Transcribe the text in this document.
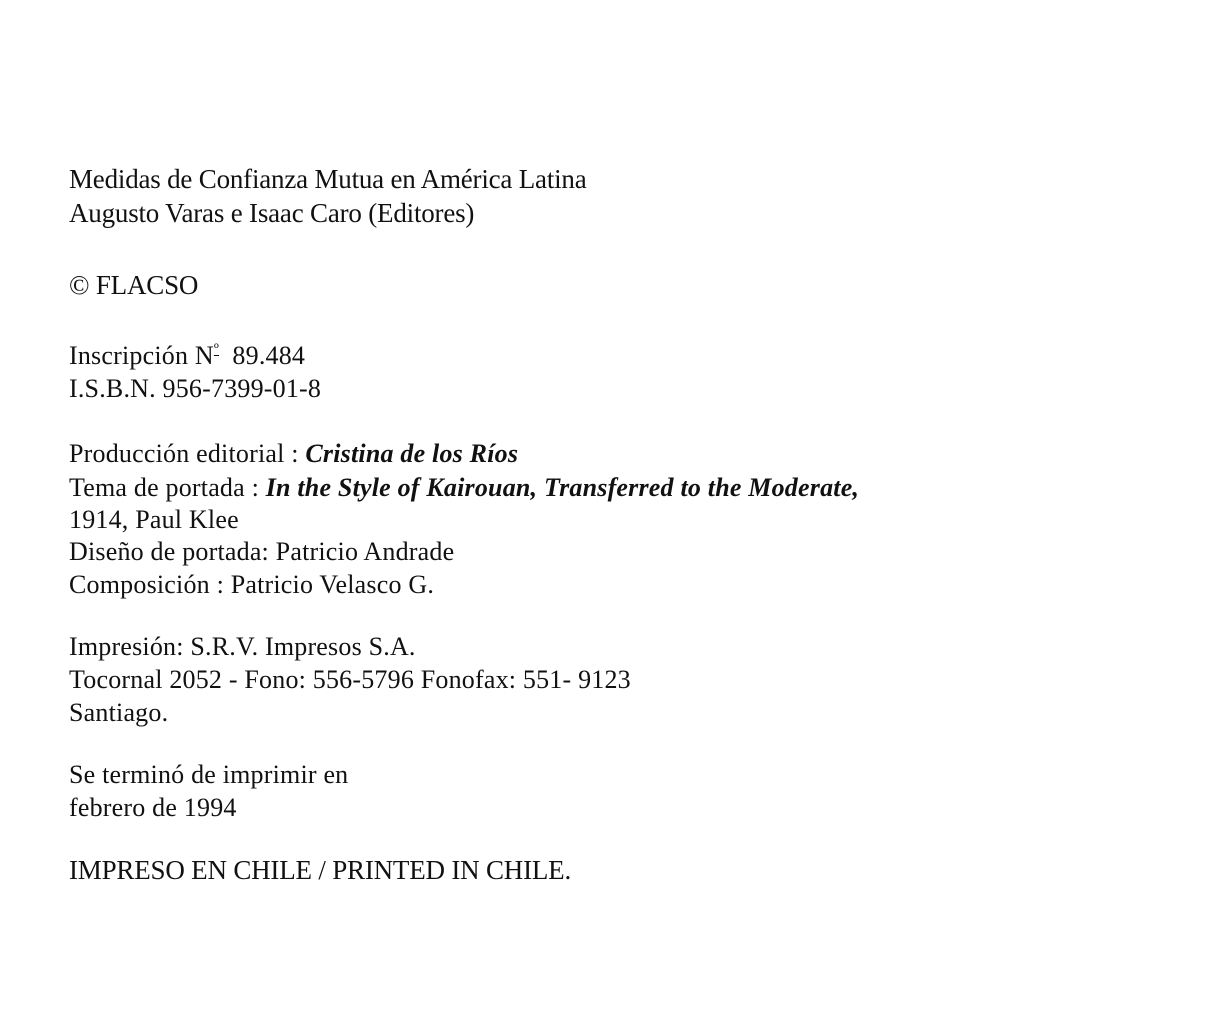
Medidas de Confianza Mutua en América Latina
Augusto Varas e Isaac Caro (Editores)
© FLACSO
Inscripción $N^º$ 89.484
I.S.B.N. 956-7399-01-8
Producción editorial : Cristina de los Ríos
Tema de portada : In the Style of Kairouan, Transferred to the Moderate,
1914, Paul Klee
Diseño de portada: Patricio Andrade
Composición : Patricio Velasco G.
Impresión: S.R.V. Impresos S.A.
Tocornal 2052 - Fono: 556-5796 Fonofax: 551- 9123
Santiago.
Se terminó de imprimir en
febrero de 1994
IMPRESO EN CHILE / PRINTED IN CHILE.
